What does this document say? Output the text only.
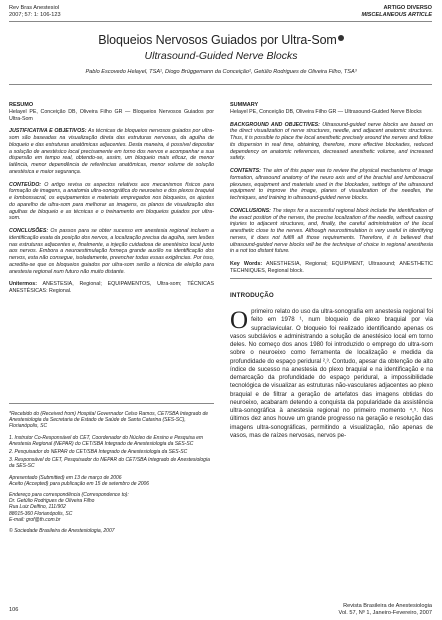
Rev Bras Anestesiol
2007; 57: 1: 106-123
ARTIGO DIVERSO
MISCELANEOUS ARTICLE
Bloqueios Nervosos Guiados por Ultra-Som
Ultrasound-Guided Nerve Blocks
Pablo Escovedo Helayel, TSA¹, Diogo Brüggemann da Conceição², Getúlio Rodrigues de Oliveira Filho, TSA³
RESUMO

Helayel PE, Conceição DB, Oliveira Filho GR — Bloqueios Nervosos Guiados por Ultra-Som

JUSTIFICATIVA E OBJETIVOS: As técnicas de bloqueios nervosos guiados por ultra-som são baseadas na visualização direta das estruturas nervosas, da agulha de bloqueio e das estruturas anatômicas adjacentes. Desta maneira, é possível depositar a solução de anestésico local precisamente em torno dos nervos e acompanhar a sua dispersão em tempo real, obtendo-se, assim, um bloqueio mais eficaz, de menor latência, menor dependência de referências anatômicas, menor volume de solução anestésica e maior segurança.

CONTEÚDO: O artigo revisa os aspectos relativos aos mecanismos físicos para formação de imagens, a anatomia ultra-sonográfica do neuroeixo e dos plexos braquial e lombossacral, os equipamentos e materiais empregados nos bloqueios, os ajustes do aparelho de ultra-som para melhorar as imagens, os planos de visualização das agulhas de bloqueio e as técnicas e o treinamento em bloqueios guiados por ultra-som.

CONCLUSÕES: Os passos para se obter sucesso em anestesia regional incluem a identificação exata da posição dos nervos, a localização precisa da agulha, sem lesões nas estruturas adjacentes e, finalmente, a injeção cuidadosa de anestésico local junto aos nervos. Embora a neuroestimulação forneça grande auxílio na identificação dos nervos, esta não consegue, isoladamente, preencher todas essas exigências. Por isso, acredita-se que os bloqueios guiados por ultra-som serão a técnica de eleição para anestesia regional num futuro não muito distante.

Unitermos: ANESTESIA, Regional; EQUIPAMENTOS, Ultra-som; TÉCNICAS ANESTÉSICAS: Regional.

*Recebido do (Received from) Hospital Governador Celso Ramos, CET/SBA Integrado de Anestesiologia da Secretaria de Estado de Saúde de Santa Catarina (SES-SC), Florianópolis, SC

1. Instrutor Co-Responsável do CET, Coordenador do Núcleo de Ensino e Pesquisa em Anestesia Regional (NEPAR) do CET/SBA Integrado de Anestesiologia da SES-SC

2. Pesquisador do NEPAR do CET/SBA Integrado de Anestesiologia da SES-SC

3. Responsável do CET, Pesquisador do NEPAR do CET/SBA Integrado de Anestesiologia da SES-SC

Apresentado (Submitted) em 13 de março de 2006

Aceito (Accepted) para publicação em 15 de setembro de 2006

Endereço para correspondência (Correspondence to):
Dr. Getúlio Rodrigues de Oliveira Filho
Rua Luiz Delfino, 111/902
88015-360 Florianópolis, SC

E-mail: grof@th.com.br

© Sociedade Brasileira de Anestesiologia, 2007
SUMMARY

Helayel PE, Conceição DB, Oliveira Filho GR — Ultrasound-Guided Nerve Blocks

BACKGROUND AND OBJECTIVES: Ultrasound-guided nerve blocks are based on the direct visualization of nerve structures, needle, and adjacent anatomic structures. Thus, it is possible to place the local anesthetic precisely around the nerves and follow its dispersion in real time, obtaining, therefore, more effective blockades, reduced dependency on anatomic references, decreased anesthetic volume, and increased safety.

CONTENTS: The aim of this paper was to review the physical mechanisms of image formation, ultrasound anatomy of the neuro axis and of the brachial and lumbosacral plexuses, equipment and materials used in the blockades, settings of the ultrasound equipment to improve the image, planes of visualization of the needles, the techniques, and training in ultrasound-guided nerve blocks.

CONCLUSIONS: The steps for a successful regional block include the identification of the exact position of the nerves, the precise localization of the needle, without causing injuries to adjacent structures, and, finally, the careful administration of the local anesthetic close to the nerves. Although neurostimulation is very useful in identifying nerves, it does not fulfill all those requirements. Therefore, it is believed that ultrasound-guided nerve blocks will be the technique of choice in regional anesthesia in a not too distant future.

Key Words: ANESTHESIA, Regional; EQUIPMENT, Ultrasound; ANESTHETIC TECHNIQUES, Regional block.

INTRODUÇÃO
Oprimeiro relato do uso da ultra-sonografia em anestesia regional foi feito em 1978 ¹, num bloqueio de plexo braquial por via supraclavicular. O bloqueio foi realizado identificando apenas os vasos subclávios e administrando a solução de anestésico local em torno deles. No começo dos anos 1980 foi introduzido o emprego do ultra-som sobre o neuroeixo como ferramenta de localização e medida da profundidade do espaço peridural ²,³. Contudo, apesar da obtenção de alto índice de sucesso na anestesia do plexo braquial e na identificação e na demarcação da profundidade do espaço peridural, a impossibilidade tecnológica de visualizar as estruturas não-vasculares adjacentes ao plexo braquial e de filtrar a geração de artefatos das imagens obtidas do neuroeixo, acabaram detendo a conquista da popularidade da assistência ultra-sonográfica à anestesia regional no primeiro momento ⁴,⁵. Nos últimos dez anos houve um grande progresso na geração e resolução das imagens ultra-sonográficas, permitindo a visualização, não apenas de vasos, mas de raízes nervosas, nervos pe-
106
Revista Brasileira de Anestesiologia
Vol. 57, Nº 1, Janeiro-Fevereiro, 2007
